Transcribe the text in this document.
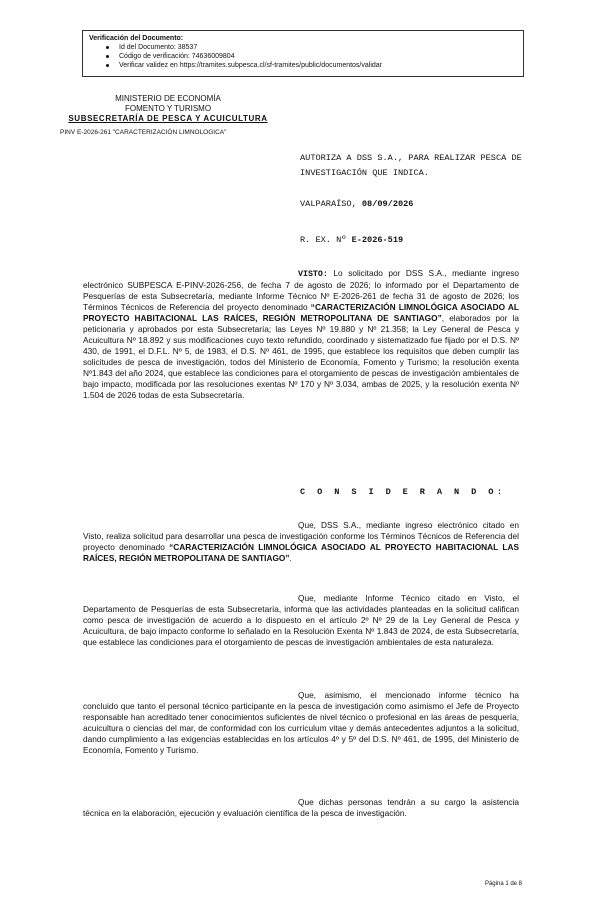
Verificación del Documento:
Id del Documento: 38537
Código de verificación: 74636009804
Verificar validez en https://tramites.subpesca.cl/sf-tramites/public/documentos/validar
MINISTERIO DE ECONOMÍA
FOMENTO Y TURISMO
SUBSECRETARÍA DE PESCA Y ACUICULTURA
PINV E-2026-261 "CARACTERIZACIÓN LIMNOLOGICA"
AUTORIZA A DSS S.A., PARA REALIZAR PESCA DE INVESTIGACIÓN QUE INDICA.
VALPARAÍSO, 08/09/2026
R. EX. Nº E-2026-519
VISTO: Lo solicitado por DSS S.A., mediante ingreso electrónico SUBPESCA E-PINV-2026-256, de fecha 7 de agosto de 2026; lo informado por el Departamento de Pesquerías de esta Subsecretaría, mediante Informe Técnico Nº E-2026-261 de fecha 31 de agosto de 2026; los Términos Técnicos de Referencia del proyecto denominado “CARACTERIZACIÓN LIMNOLÓGICA ASOCIADO AL PROYECTO HABITACIONAL LAS RAÍCES, REGIÓN METROPOLITANA DE SANTIAGO”, elaborados por la peticionaria y aprobados por esta Subsecretaría; las Leyes Nº 19.880 y Nº 21.358; la Ley General de Pesca y Acuicultura Nº 18.892 y sus modificaciones cuyo texto refundido, coordinado y sistematizado fue fijado por el D.S. Nº 430, de 1991, el D.F.L. Nº 5, de 1983, el D.S. Nº 461, de 1995, que establece los requisitos que deben cumplir las solicitudes de pesca de investigación, todos del Ministerio de Economía, Fomento y Turismo; la resolución exenta Nº1.843 del año 2024, que establece las condiciones para el otorgamiento de pescas de investigación ambientales de bajo impacto, modificada por las resoluciones exentas Nº 170 y Nº 3.034, ambas de 2025, y la resolución exenta Nº 1.504 de 2026 todas de esta Subsecretaría.
C O N S I D E R A N D O:
Que, DSS S.A., mediante ingreso electrónico citado en Visto, realiza solicitud para desarrollar una pesca de investigación conforme los Términos Técnicos de Referencia del proyecto denominado “CARACTERIZACIÓN LIMNOLÓGICA ASOCIADO AL PROYECTO HABITACIONAL LAS RAÍCES, REGIÓN METROPOLITANA DE SANTIAGO”.
Que, mediante Informe Técnico citado en Visto, el Departamento de Pesquerías de esta Subsecretaría, informa que las actividades planteadas en la solicitud califican como pesca de investigación de acuerdo a lo dispuesto en el artículo 2º Nº 29 de la Ley General de Pesca y Acuicultura, de bajo impacto conforme lo señalado en la Resolución Exenta Nº 1.843 de 2024, de esta Subsecretaría, que establece las condiciones para el otorgamiento de pescas de investigación ambientales de esta naturaleza.
Que, asimismo, el mencionado informe técnico ha concluido que tanto el personal técnico participante en la pesca de investigación como asimismo el Jefe de Proyecto responsable han acreditado tener conocimientos suficientes de nivel técnico o profesional en las áreas de pesquería, acuicultura o ciencias del mar, de conformidad con los currículum vitae y demás antecedentes adjuntos a la solicitud, dando cumplimiento a las exigencias establecidas en los artículos 4º y 5º del D.S. Nº 461, de 1995, del Ministerio de Economía, Fomento y Turismo.
Que dichas personas tendrán a su cargo la asistencia técnica en la elaboración, ejecución y evaluación científica de la pesca de investigación.
Página 1 de 8
